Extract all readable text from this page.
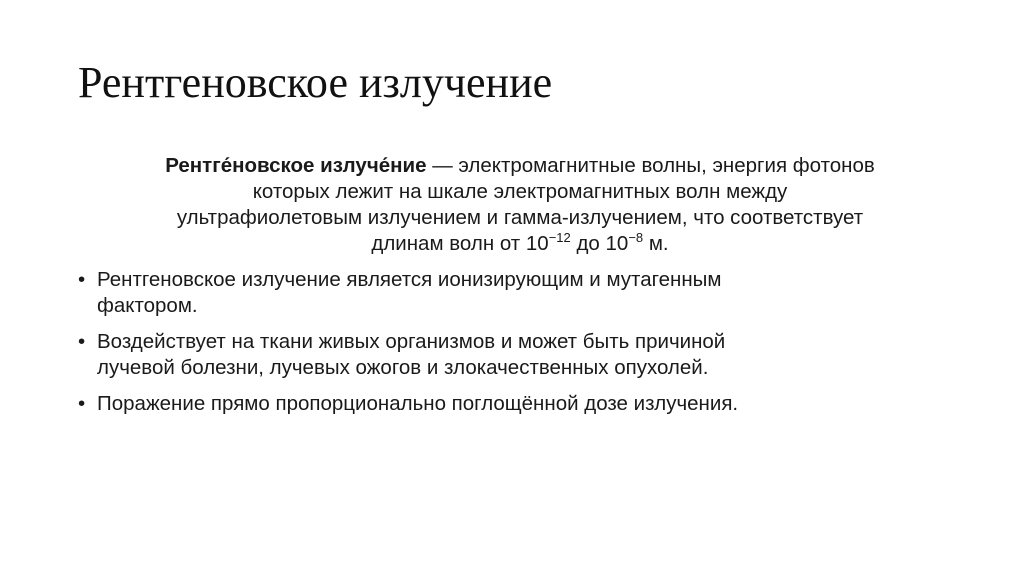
Рентгеновское излучение
Рентге́новское излуче́ние — электромагнитные волны, энергия фотонов
которых лежит на шкале электромагнитных волн между
ультрафиолетовым излучением и гамма-излучением, что соответствует
длинам волн от $10^{-12}$ до $10^{-8}$ м.
• Рентгеновское излучение является ионизирующим и мутагенным
фактором.
• Воздействует на ткани живых организмов и может быть причиной
лучевой болезни, лучевых ожогов и злокачественных опухолей.
• Поражение прямо пропорционально поглощённой дозе излучения.
